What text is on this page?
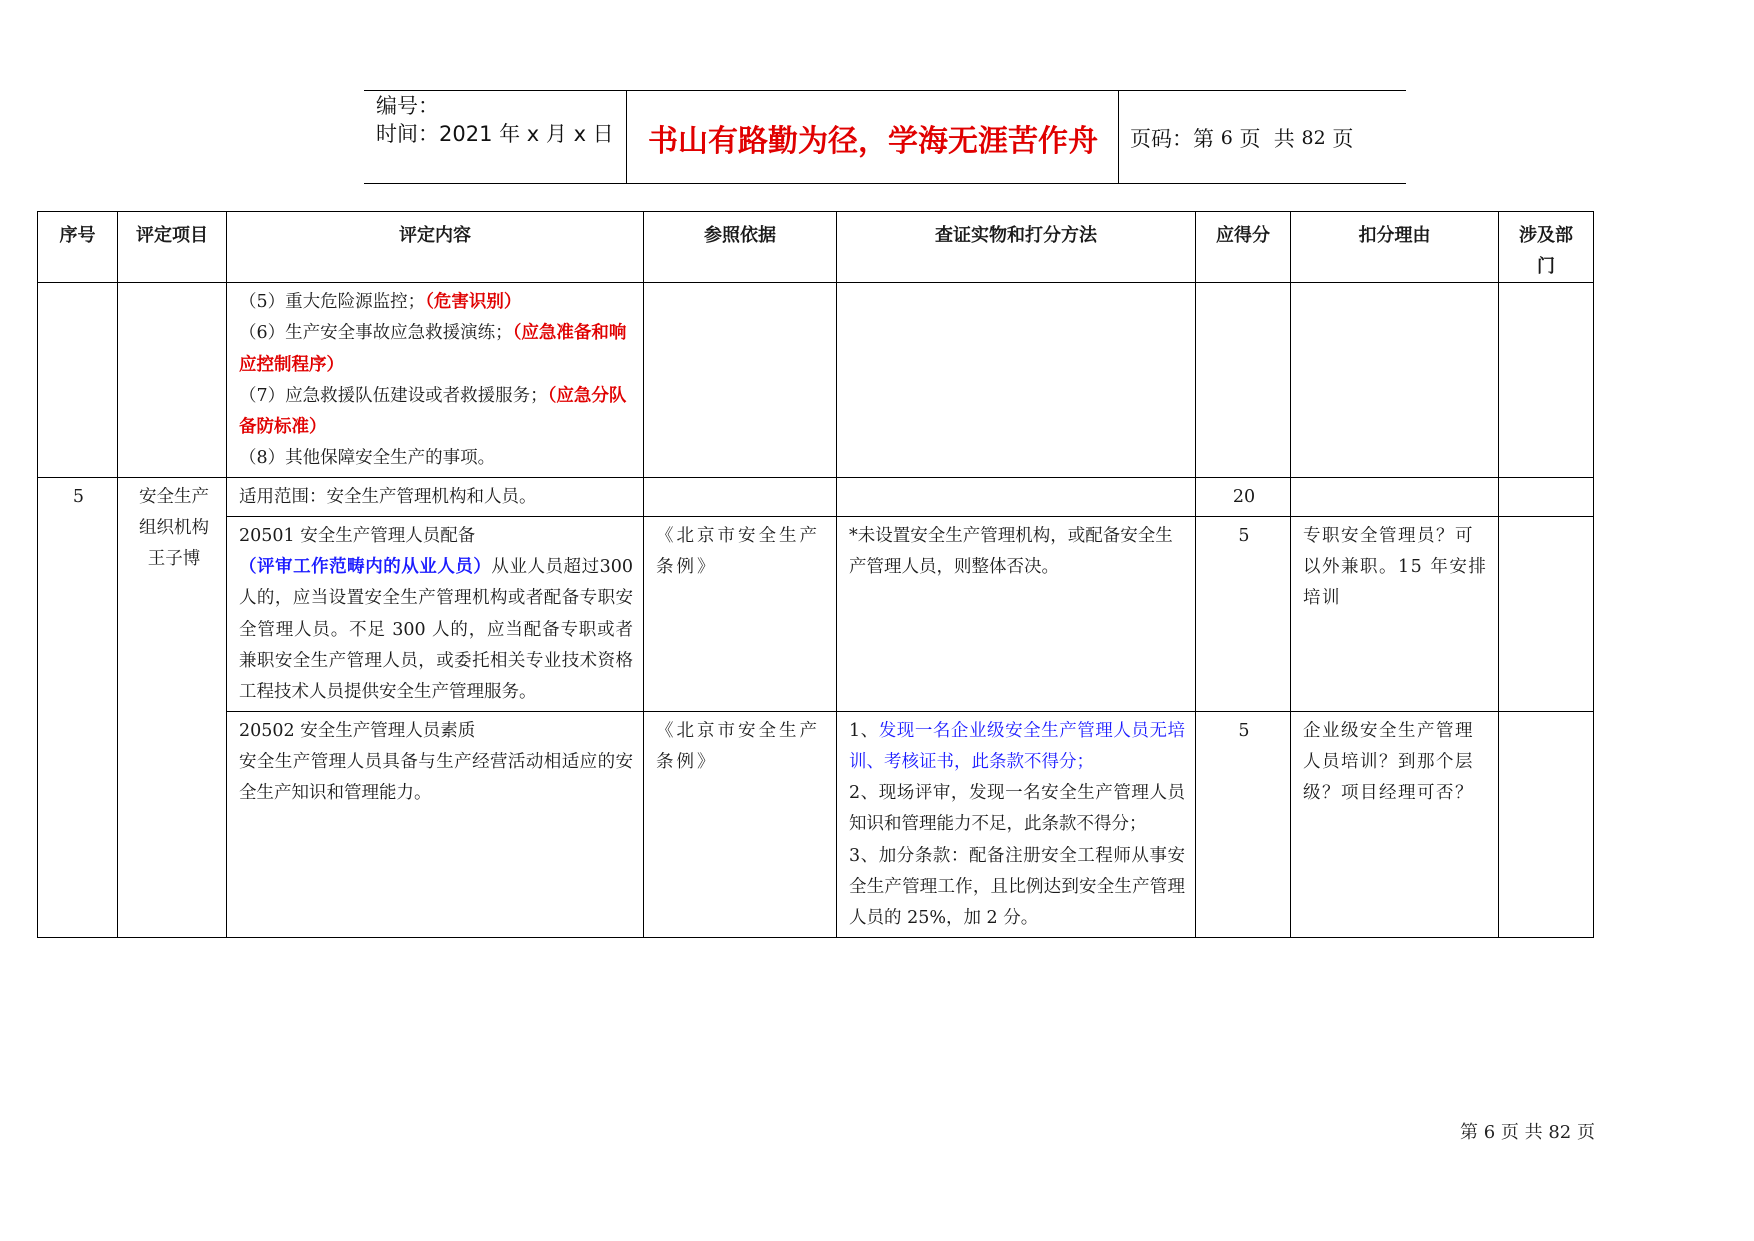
编号：
时间：2021 年 x 月 x 日	书山有路勤为径，学海无涯苦作舟	页码：第 6 页  共 82 页
序号	评定项目	评定内容	参照依据	查证实物和打分方法	应得分	扣分理由	涉及部门

		（5）重大危险源监控；（危害识别）
（6）生产安全事故应急救援演练；（应急准备和响应控制程序）
（7）应急救援队伍建设或者救援服务；（应急分队备防标准）
（8）其他保障安全生产的事项。					

5	安全生产组织机构王子博	适用范围：安全生产管理机构和人员。			20		

		20501 安全生产管理人员配备
（评审工作范畴内的从业人员）从业人员超过300 人的，应当设置安全生产管理机构或者配备专职安全管理人员。不足 300 人的，应当配备专职或者兼职安全生产管理人员，或委托相关专业技术资格工程技术人员提供安全生产管理服务。	《北京市安全生产条例》	*未设置安全生产管理机构，或配备安全生产管理人员，则整体否决。	5	专职安全管理员？可以外兼职。15 年安排培训	

		20502 安全生产管理人员素质
安全生产管理人员具备与生产经营活动相适应的安全生产知识和管理能力。	《北京市安全生产条例》	1、发现一名企业级安全生产管理人员无培训、考核证书，此条款不得分；
2、现场评审，发现一名安全生产管理人员知识和管理能力不足，此条款不得分；
3、加分条款：配备注册安全工程师从事安全生产管理工作，且比例达到安全生产管理人员的 25%，加 2 分。	5	企业级安全生产管理人员培训？到那个层级？项目经理可否？	

第 6 页 共 82 页
